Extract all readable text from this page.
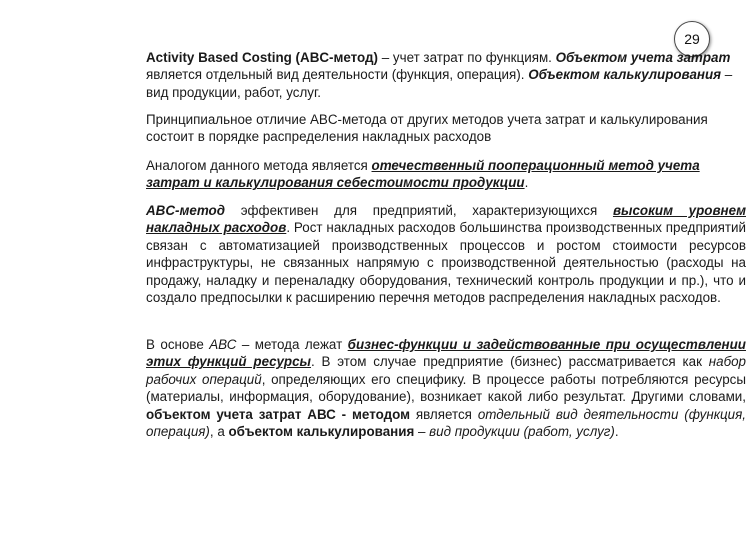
29

Activity Based Costing (ABC-метод) – учет затрат по функциям. Объектом учета затрат является отдельный вид деятельности (функция, операция). Объектом калькулирования – вид продукции, работ, услуг.

Принципиальное отличие ABC-метода от других методов учета затрат и калькулирования состоит в порядке распределения накладных расходов

Аналогом данного метода является отечественный пооперационный метод учета затрат и калькулирования себестоимости продукции.

ABC-метод эффективен для предприятий, характеризующихся высоким уровнем накладных расходов. Рост накладных расходов большинства производственных предприятий связан с автоматизацией производственных процессов и ростом стоимости ресурсов инфраструктуры, не связанных напрямую с производственной деятельностью (расходы на продажу, наладку и переналадку оборудования, технический контроль продукции и пр.), что и создало предпосылки к расширению перечня методов распределения накладных расходов.

В основе АВС – метода лежат бизнес-функции и задействованные при осуществлении этих функций ресурсы. В этом случае предприятие (бизнес) рассматривается как набор рабочих операций, определяющих его специфику. В процессе работы потребляются ресурсы (материалы, информация, оборудование), возникает какой либо результат. Другими словами, объектом учета затрат АВС - методом является отдельный вид деятельности (функция, операция), а объектом калькулирования – вид продукции (работ, услуг).
